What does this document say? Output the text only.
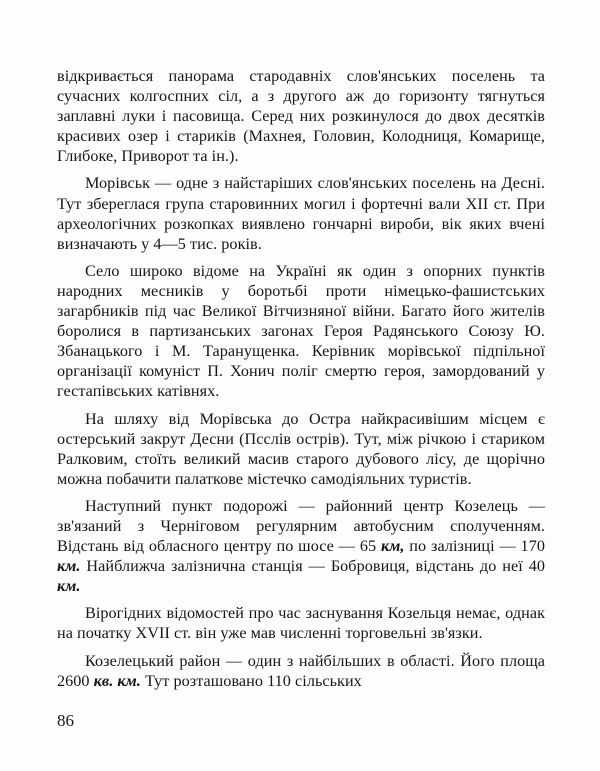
відкривається панорама стародавніх слов'янських поселень та сучасних колгоспних сіл, а з другого аж до горизонту тягнуться заплавні луки і пасовища. Серед них розкинулося до двох десятків красивих озер і стариків (Махнея, Головин, Колодниця, Комарище, Глибоке, Приворот та ін.).

Морівськ — одне з найстаріших слов'янських поселень на Десні. Тут збереглася група старовинних могил і фортечні вали XII ст. При археологічних розкопках виявлено гончарні вироби, вік яких вчені визначають у 4—5 тис. років.

Село широко відоме на Україні як один з опорних пунктів народних месників у боротьбі проти німецько-фашистських загарбників під час Великої Вітчизняної війни. Багато його жителів боролися в партизанських загонах Героя Радянського Союзу Ю. Збанацького і М. Таранущенка. Керівник морівської підпільної організації комуніст П. Хонич поліг смертю героя, замордований у гестапівських катівнях.

На шляху від Морівська до Остра найкрасивішим місцем є остерський закрут Десни (Псслів острів). Тут, між річкою і стариком Ралковим, стоїть великий масив старого дубового лісу, де щорічно можна побачити палаткове містечко самодіяльних туристів.

Наступний пункт подорожі — районний центр Козелець — зв'язаний з Черніговом регулярним автобусним сполученням. Відстань від обласного центру по шосе — 65 км, по залізниці — 170 км. Найближча залізнична станція — Бобровиця, відстань до неї 40 км.

Вірогідних відомостей про час заснування Козельця немає, однак на початку XVII ст. він уже мав численні торговельні зв'язки.

Козелецький район — один з найбільших в області. Його площа 2600 кв. км. Тут розташовано 110 сільських

86
